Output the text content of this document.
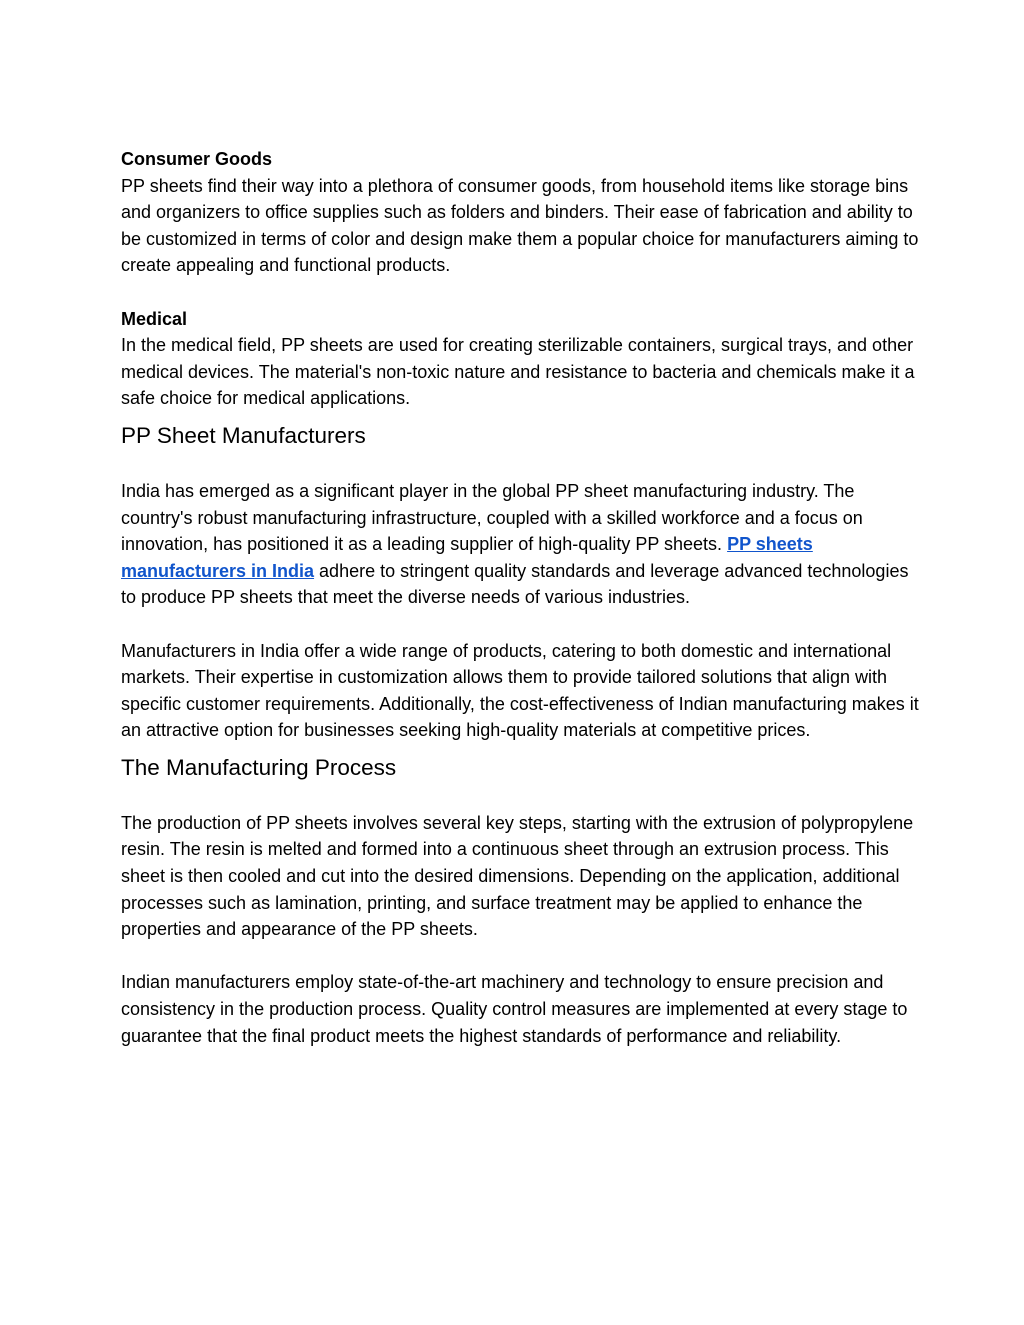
Consumer Goods

PP sheets find their way into a plethora of consumer goods, from household items like storage bins and organizers to office supplies such as folders and binders. Their ease of fabrication and ability to be customized in terms of color and design make them a popular choice for manufacturers aiming to create appealing and functional products.

Medical

In the medical field, PP sheets are used for creating sterilizable containers, surgical trays, and other medical devices. The material's non-toxic nature and resistance to bacteria and chemicals make it a safe choice for medical applications.

PP Sheet Manufacturers

India has emerged as a significant player in the global PP sheet manufacturing industry. The country's robust manufacturing infrastructure, coupled with a skilled workforce and a focus on innovation, has positioned it as a leading supplier of high-quality PP sheets. PP sheets manufacturers in India adhere to stringent quality standards and leverage advanced technologies to produce PP sheets that meet the diverse needs of various industries.

Manufacturers in India offer a wide range of products, catering to both domestic and international markets. Their expertise in customization allows them to provide tailored solutions that align with specific customer requirements. Additionally, the cost-effectiveness of Indian manufacturing makes it an attractive option for businesses seeking high-quality materials at competitive prices.

The Manufacturing Process

The production of PP sheets involves several key steps, starting with the extrusion of polypropylene resin. The resin is melted and formed into a continuous sheet through an extrusion process. This sheet is then cooled and cut into the desired dimensions. Depending on the application, additional processes such as lamination, printing, and surface treatment may be applied to enhance the properties and appearance of the PP sheets.

Indian manufacturers employ state-of-the-art machinery and technology to ensure precision and consistency in the production process. Quality control measures are implemented at every stage to guarantee that the final product meets the highest standards of performance and reliability.
